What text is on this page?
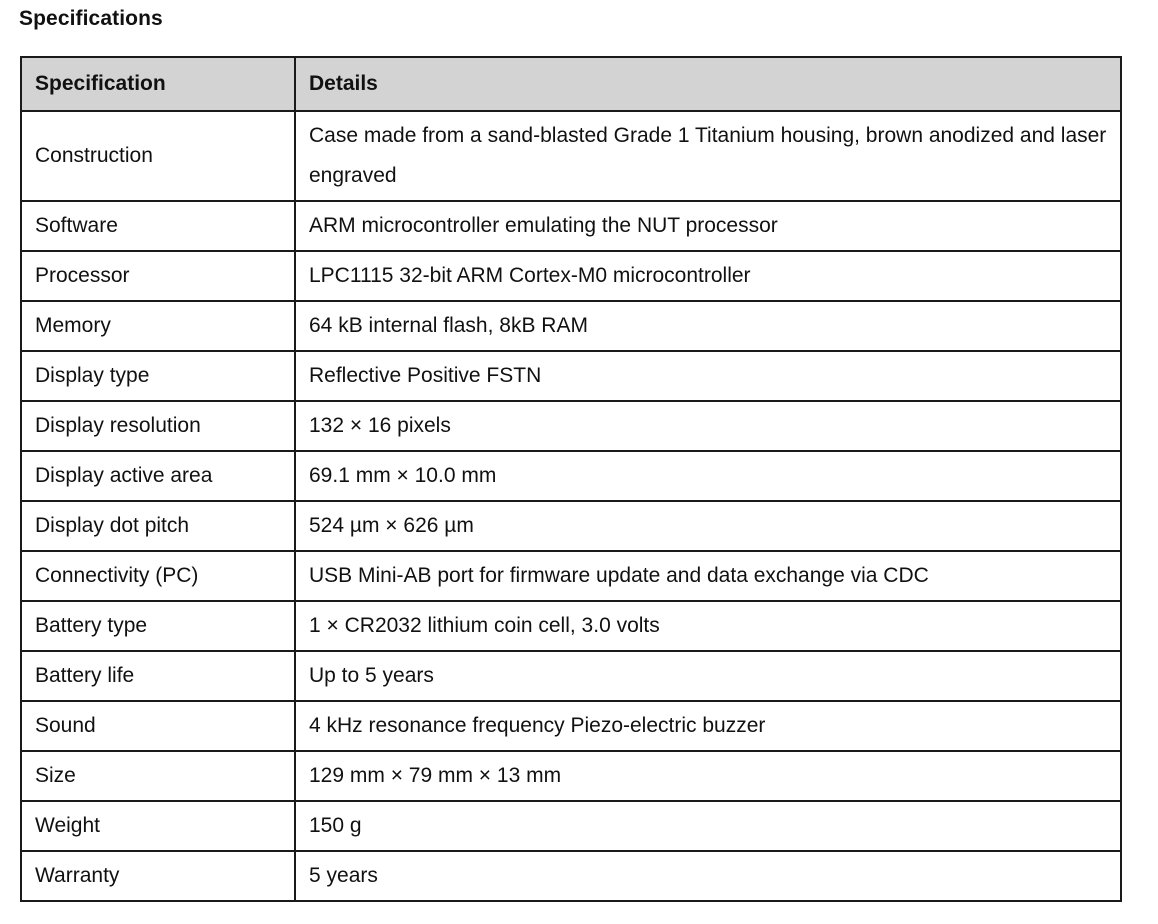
Specifications
Specification	Details
Construction	Case made from a sand-blasted Grade 1 Titanium housing, brown anodized and laser engraved
Software	ARM microcontroller emulating the NUT processor
Processor	LPC1115 32-bit ARM Cortex-M0 microcontroller
Memory	64 kB internal flash, 8kB RAM
Display type	Reflective Positive FSTN
Display resolution	132 × 16 pixels
Display active area	69.1 mm × 10.0 mm
Display dot pitch	524 µm × 626 µm
Connectivity (PC)	USB Mini-AB port for firmware update and data exchange via CDC
Battery type	1 × CR2032 lithium coin cell, 3.0 volts
Battery life	Up to 5 years
Sound	4 kHz resonance frequency Piezo-electric buzzer
Size	129 mm × 79 mm × 13 mm
Weight	150 g
Warranty	5 years
